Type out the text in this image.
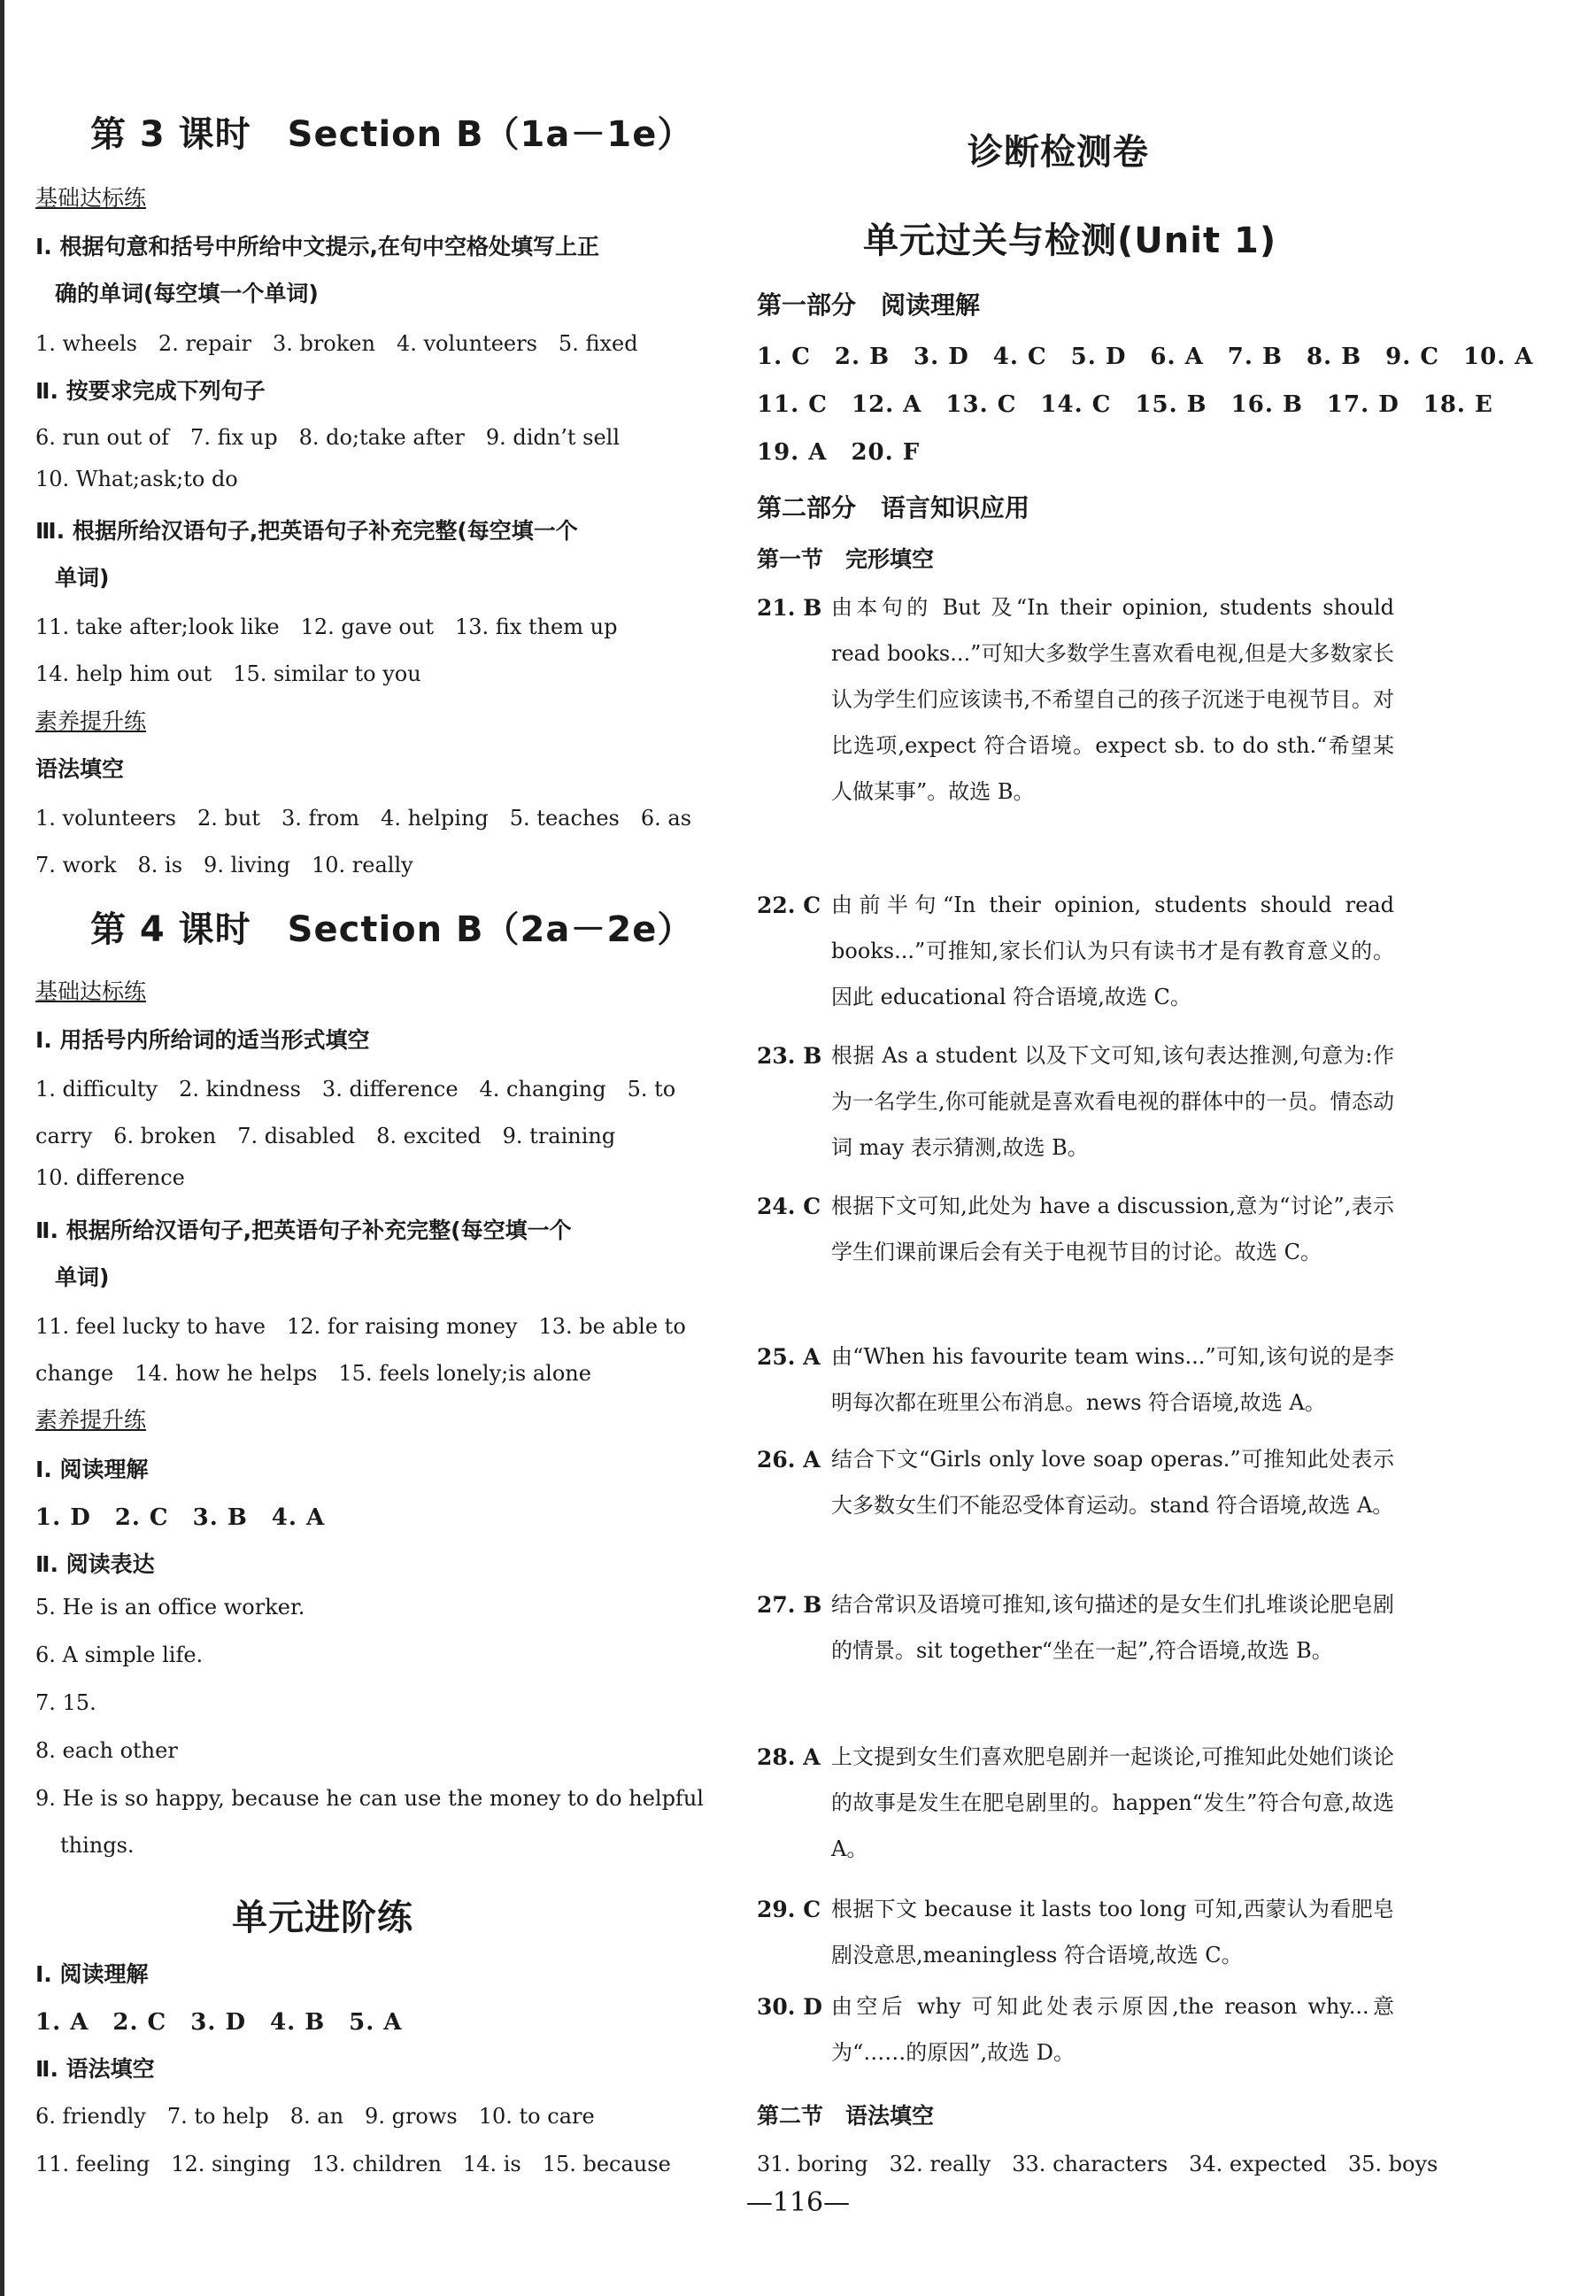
第 3 课时　Section B（1a－1e）
基础达标练
Ⅰ. 根据句意和括号中所给中文提示,在句中空格处填写上正
确的单词(每空填一个单词)
1. wheels　2. repair　3. broken　4. volunteers　5. fixed
Ⅱ. 按要求完成下列句子
6. run out of　7. fix up　8. do;take after　9. didn’t sell
10. What;ask;to do
Ⅲ. 根据所给汉语句子,把英语句子补充完整(每空填一个
单词)
11. take after;look like　12. gave out　13. fix them up
14. help him out　15. similar to you
素养提升练
语法填空
1. volunteers　2. but　3. from　4. helping　5. teaches　6. as
7. work　8. is　9. living　10. really
第 4 课时　Section B（2a－2e）
基础达标练
Ⅰ. 用括号内所给词的适当形式填空
1. difficulty　2. kindness　3. difference　4. changing　5. to
carry　6. broken　7. disabled　8. excited　9. training
10. difference
Ⅱ. 根据所给汉语句子,把英语句子补充完整(每空填一个
单词)
11. feel lucky to have　12. for raising money　13. be able to
change　14. how he helps　15. feels lonely;is alone
素养提升练
Ⅰ. 阅读理解
1. D　2. C　3. B　4. A
Ⅱ. 阅读表达
5. He is an office worker.
6. A simple life.
7. 15.
8. each other
9. He is so happy, because he can use the money to do helpful
things.
单元进阶练
Ⅰ. 阅读理解
1. A　2. C　3. D　4. B　5. A
Ⅱ. 语法填空
6. friendly　7. to help　8. an　9. grows　10. to care
11. feeling　12. singing　13. children　14. is　15. because
诊断检测卷
单元过关与检测(Unit 1)
第一部分　阅读理解
1. C　2. B　3. D　4. C　5. D　6. A　7. B　8. B　9. C　10. A
11. C　12. A　13. C　14. C　15. B　16. B　17. D　18. E
19. A　20. F
第二部分　语言知识应用
第一节　完形填空
21. B 由本句的 But 及“In their opinion, students should read books...”可知大多数学生喜欢看电视,但是大多数家长认为学生们应该读书,不希望自己的孩子沉迷于电视节目。对比选项,expect 符合语境。expect sb. to do sth.“希望某人做某事”。故选 B。
22. C 由前半句“In their opinion, students should read books...”可推知,家长们认为只有读书才是有教育意义的。因此 educational 符合语境,故选 C。
23. B 根据 As a student 以及下文可知,该句表达推测,句意为:作为一名学生,你可能就是喜欢看电视的群体中的一员。情态动词 may 表示猜测,故选 B。
24. C 根据下文可知,此处为 have a discussion,意为“讨论”,表示学生们课前课后会有关于电视节目的讨论。故选 C。
25. A 由“When his favourite team wins...”可知,该句说的是李明每次都在班里公布消息。news 符合语境,故选 A。
26. A 结合下文“Girls only love soap operas.”可推知此处表示大多数女生们不能忍受体育运动。stand 符合语境,故选 A。
27. B 结合常识及语境可推知,该句描述的是女生们扎堆谈论肥皂剧的情景。sit together“坐在一起”,符合语境,故选 B。
28. A 上文提到女生们喜欢肥皂剧并一起谈论,可推知此处她们谈论的故事是发生在肥皂剧里的。happen“发生”符合句意,故选 A。
29. C 根据下文 because it lasts too long 可知,西蒙认为看肥皂剧没意思,meaningless 符合语境,故选 C。
30. D 由空后 why 可知此处表示原因,the reason why...意为“……的原因”,故选 D。
第二节　语法填空
31. boring　32. really　33. characters　34. expected　35. boys
—116—
